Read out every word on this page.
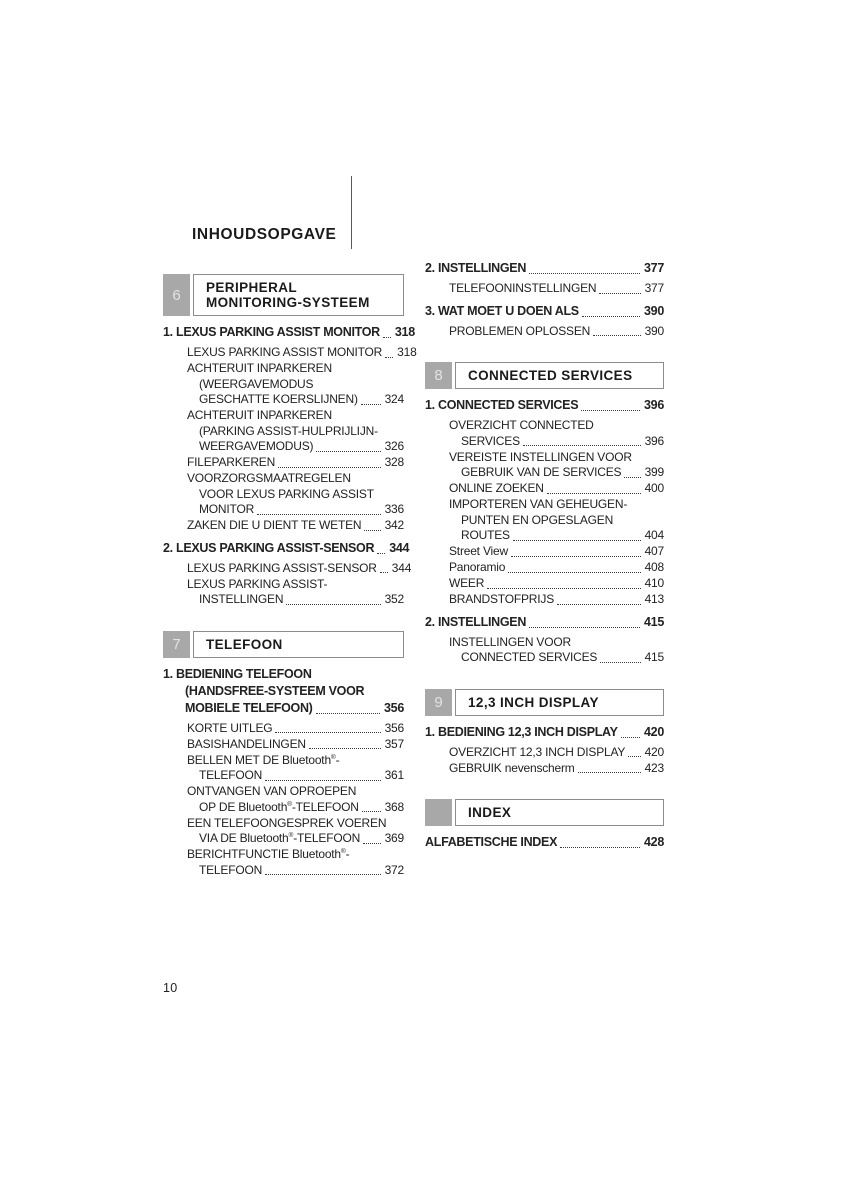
INHOUDSOPGAVE
6	PERIPHERAL
MONITORING-SYSTEEM
1. LEXUS PARKING ASSIST MONITOR 318
LEXUS PARKING ASSIST MONITOR 318
ACHTERUIT INPARKEREN
(WEERGAVEMODUS
GESCHATTE KOERSLIJNEN) 324
ACHTERUIT INPARKEREN
(PARKING ASSIST-HULPRIJLIJN-
WEERGAVEMODUS)	326
FILEPARKEREN	328
VOORZORGSMAATREGELEN
VOOR LEXUS PARKING ASSIST
MONITOR	336
ZAKEN DIE U DIENT TE WETEN 342
2. LEXUS PARKING ASSIST-SENSOR 344
LEXUS PARKING ASSIST-SENSOR 344
LEXUS PARKING ASSIST-
INSTELLINGEN	352
7	TELEFOON
1. BEDIENING TELEFOON
(HANDSFREE-SYSTEEM VOOR
MOBIELE TELEFOON)	356
KORTE UITLEG	356
BASISHANDELINGEN	357
BELLEN MET DE Bluetooth®-
TELEFOON	361
ONTVANGEN VAN OPROEPEN
OP DE Bluetooth®-TELEFOON 368
EEN TELEFOONGESPREK VOEREN
VIA DE Bluetooth®-TELEFOON 369
BERICHTFUNCTIE Bluetooth®-
TELEFOON	372
2. INSTELLINGEN	377
TELEFOONINSTELLINGEN	377
3. WAT MOET U DOEN ALS	390
PROBLEMEN OPLOSSEN	390
8	CONNECTED SERVICES
1. CONNECTED SERVICES	396
OVERZICHT CONNECTED
SERVICES	396
VEREISTE INSTELLINGEN VOOR
GEBRUIK VAN DE SERVICES 399
ONLINE ZOEKEN	400
IMPORTEREN VAN GEHEUGEN-
PUNTEN EN OPGESLAGEN
ROUTES	404
Street View	407
Panoramio	408
WEER	410
BRANDSTOFPRIJS	413
2. INSTELLINGEN	415
INSTELLINGEN VOOR
CONNECTED SERVICES	415
9	12,3 INCH DISPLAY
1. BEDIENING 12,3 INCH DISPLAY 420
OVERZICHT 12,3 INCH DISPLAY 420
GEBRUIK nevenscherm	423
INDEX
ALFABETISCHE INDEX	428
10
